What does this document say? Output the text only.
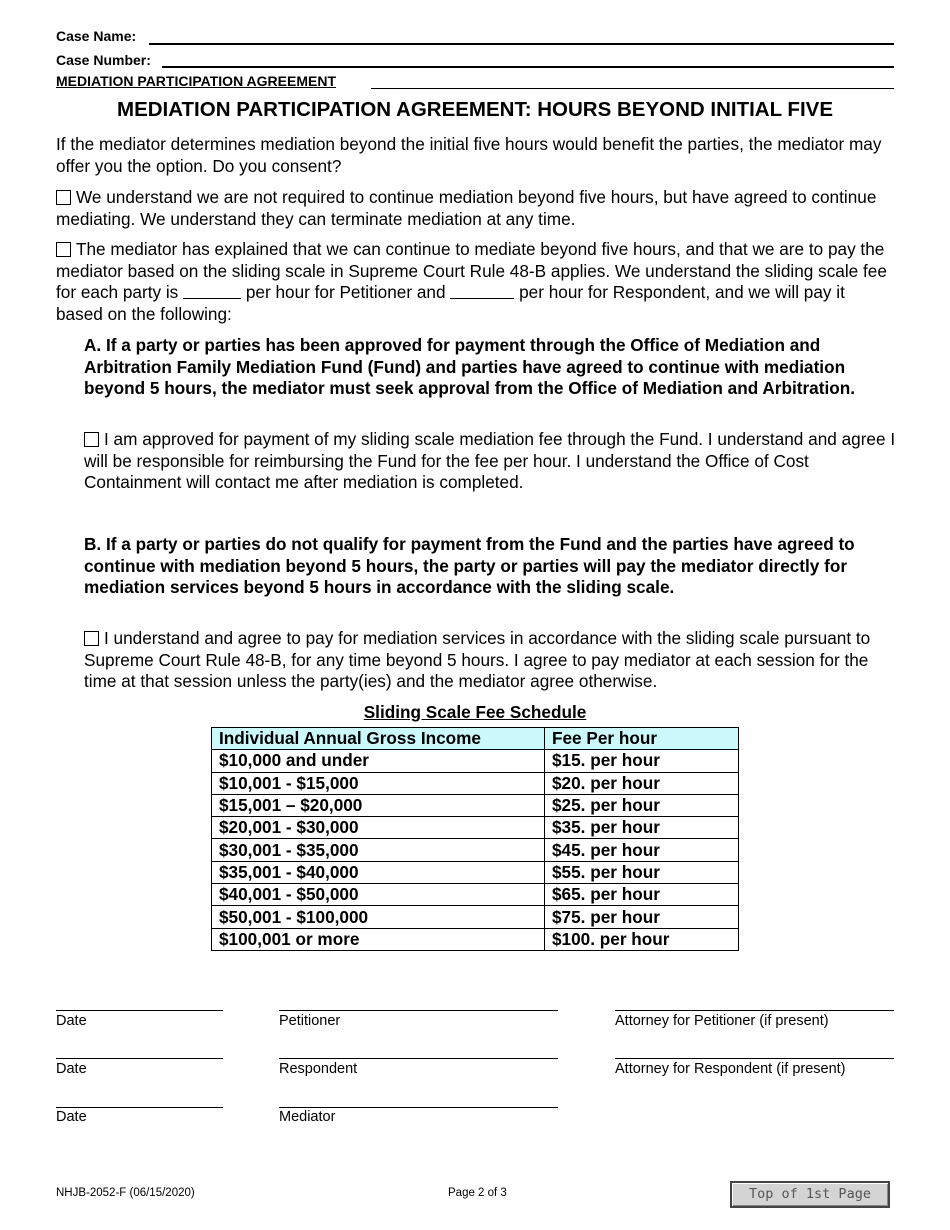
Case Name:
Case Number:
MEDIATION PARTICIPATION AGREEMENT
MEDIATION PARTICIPATION AGREEMENT: HOURS BEYOND INITIAL FIVE
If the mediator determines mediation beyond the initial five hours would benefit the parties, the mediator may offer you the option. Do you consent?
We understand we are not required to continue mediation beyond five hours, but have agreed to continue mediating. We understand they can terminate mediation at any time.
The mediator has explained that we can continue to mediate beyond five hours, and that we are to pay the mediator based on the sliding scale in Supreme Court Rule 48-B applies. We understand the sliding scale fee for each party is	per hour for Petitioner and	per hour for Respondent, and we will pay it based on the following:
A. If a party or parties has been approved for payment through the Office of Mediation and Arbitration Family Mediation Fund (Fund) and parties have agreed to continue with mediation beyond 5 hours, the mediator must seek approval from the Office of Mediation and Arbitration.
I am approved for payment of my sliding scale mediation fee through the Fund. I understand and agree I will be responsible for reimbursing the Fund for the fee per hour. I understand the Office of Cost Containment will contact me after mediation is completed.
B. If a party or parties do not qualify for payment from the Fund and the parties have agreed to continue with mediation beyond 5 hours, the party or parties will pay the mediator directly for mediation services beyond 5 hours in accordance with the sliding scale.
I understand and agree to pay for mediation services in accordance with the sliding scale pursuant to Supreme Court Rule 48-B, for any time beyond 5 hours. I agree to pay mediator at each session for the time at that session unless the party(ies) and the mediator agree otherwise.
Sliding Scale Fee Schedule
Individual Annual Gross Income	Fee Per hour
$10,000 and under	$15. per hour
$10,001 - $15,000	$20. per hour
$15,001 – $20,000	$25. per hour
$20,001 - $30,000	$35. per hour
$30,001 - $35,000	$45. per hour
$35,001 - $40,000	$55. per hour
$40,001 - $50,000	$65. per hour
$50,001 - $100,000	$75. per hour
$100,001 or more	$100. per hour
Date	Petitioner	Attorney for Petitioner (if present)
Date	Respondent	Attorney for Respondent (if present)
Date	Mediator
NHJB-2052-F (06/15/2020)	Page 2 of 3	Top of 1st Page
